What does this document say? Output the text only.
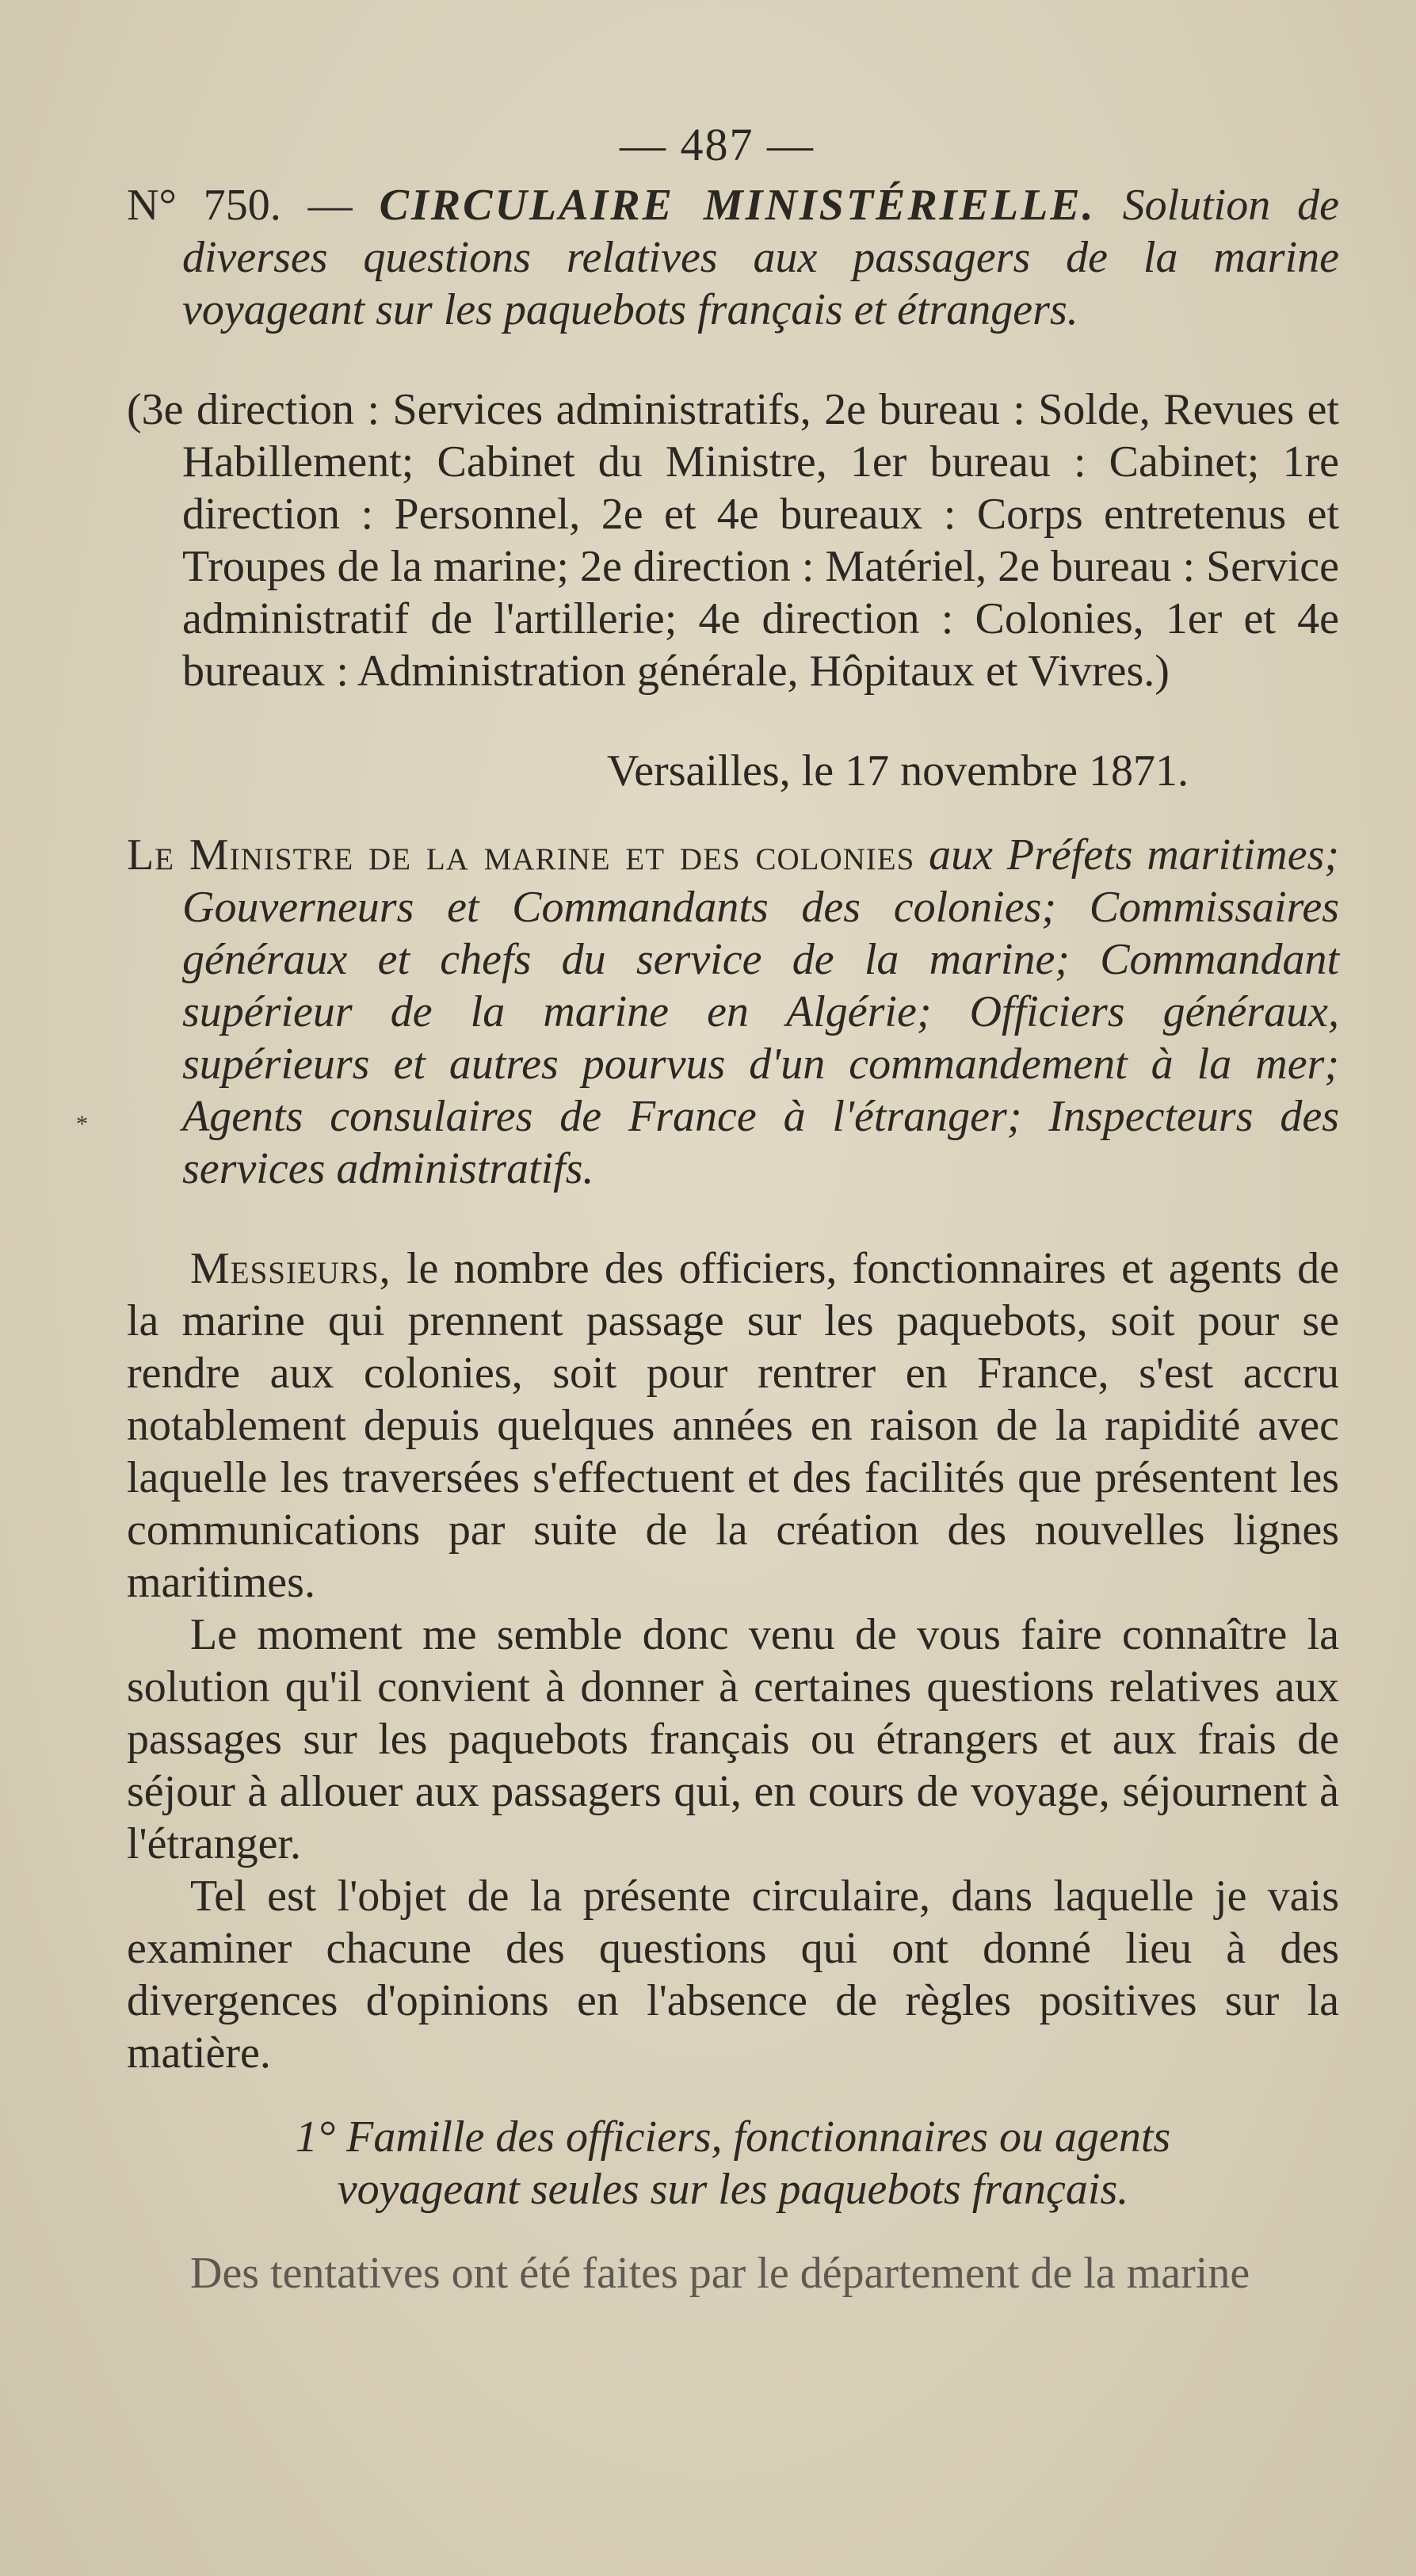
*
— 487 —
N° 750. — CIRCULAIRE MINISTÉRIELLE. Solution de diverses questions relatives aux passagers de la marine voyageant sur les paquebots français et étrangers.
(3e direction : Services administratifs, 2e bureau : Solde, Revues et Habillement; Cabinet du Ministre, 1er bureau : Cabinet; 1re direction : Personnel, 2e et 4e bureaux : Corps entretenus et Troupes de la marine; 2e direction : Matériel, 2e bureau : Service administratif de l'artillerie; 4e direction : Colonies, 1er et 4e bureaux : Administration générale, Hôpitaux et Vivres.)
Versailles, le 17 novembre 1871.
Le Ministre de la marine et des colonies aux Préfets maritimes; Gouverneurs et Commandants des colonies; Commissaires généraux et chefs du service de la marine; Commandant supérieur de la marine en Algérie; Officiers généraux, supérieurs et autres pourvus d'un commandement à la mer; Agents consulaires de France à l'étranger; Inspecteurs des services administratifs.
Messieurs, le nombre des officiers, fonctionnaires et agents de la marine qui prennent passage sur les paquebots, soit pour se rendre aux colonies, soit pour rentrer en France, s'est accru notablement depuis quelques années en raison de la rapidité avec laquelle les traversées s'effectuent et des facilités que présentent les communications par suite de la création des nouvelles lignes maritimes.
Le moment me semble donc venu de vous faire connaître la solution qu'il convient à donner à certaines questions relatives aux passages sur les paquebots français ou étrangers et aux frais de séjour à allouer aux passagers qui, en cours de voyage, séjournent à l'étranger.
Tel est l'objet de la présente circulaire, dans laquelle je vais examiner chacune des questions qui ont donné lieu à des divergences d'opinions en l'absence de règles positives sur la matière.
1° Famille des officiers, fonctionnaires ou agents voyageant seules sur les paquebots français.
Des tentatives ont été faites par le département de la marine
